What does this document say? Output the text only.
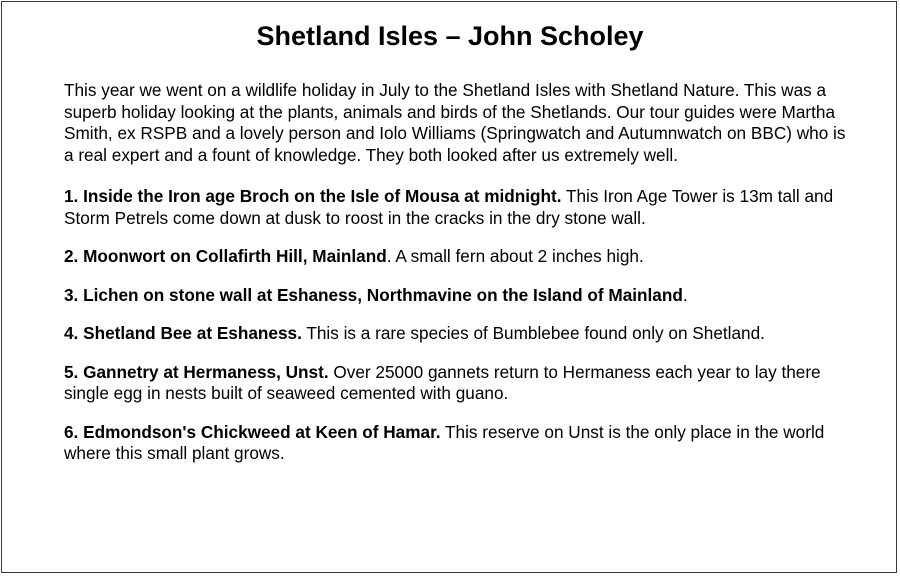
Shetland Isles – John Scholey

This year we went on a wildlife holiday in July to the Shetland Isles with Shetland Nature. This was a superb holiday looking at the plants, animals and birds of the Shetlands. Our tour guides were Martha Smith, ex RSPB and a lovely person and Iolo Williams (Springwatch and Autumnwatch on BBC) who is a real expert and a fount of knowledge. They both looked after us extremely well.

1. Inside the Iron age Broch on the Isle of Mousa at midnight. This Iron Age Tower is 13m tall and Storm Petrels come down at dusk to roost in the cracks in the dry stone wall.

2. Moonwort on Collafirth Hill, Mainland. A small fern about 2 inches high.

3. Lichen on stone wall at Eshaness, Northmavine on the Island of Mainland.

4. Shetland Bee at Eshaness. This is a rare species of Bumblebee found only on Shetland.

5. Gannetry at Hermaness, Unst. Over 25000 gannets return to Hermaness each year to lay there single egg in nests built of seaweed cemented with guano.

6. Edmondson's Chickweed at Keen of Hamar. This reserve on Unst is the only place in the world where this small plant grows.
